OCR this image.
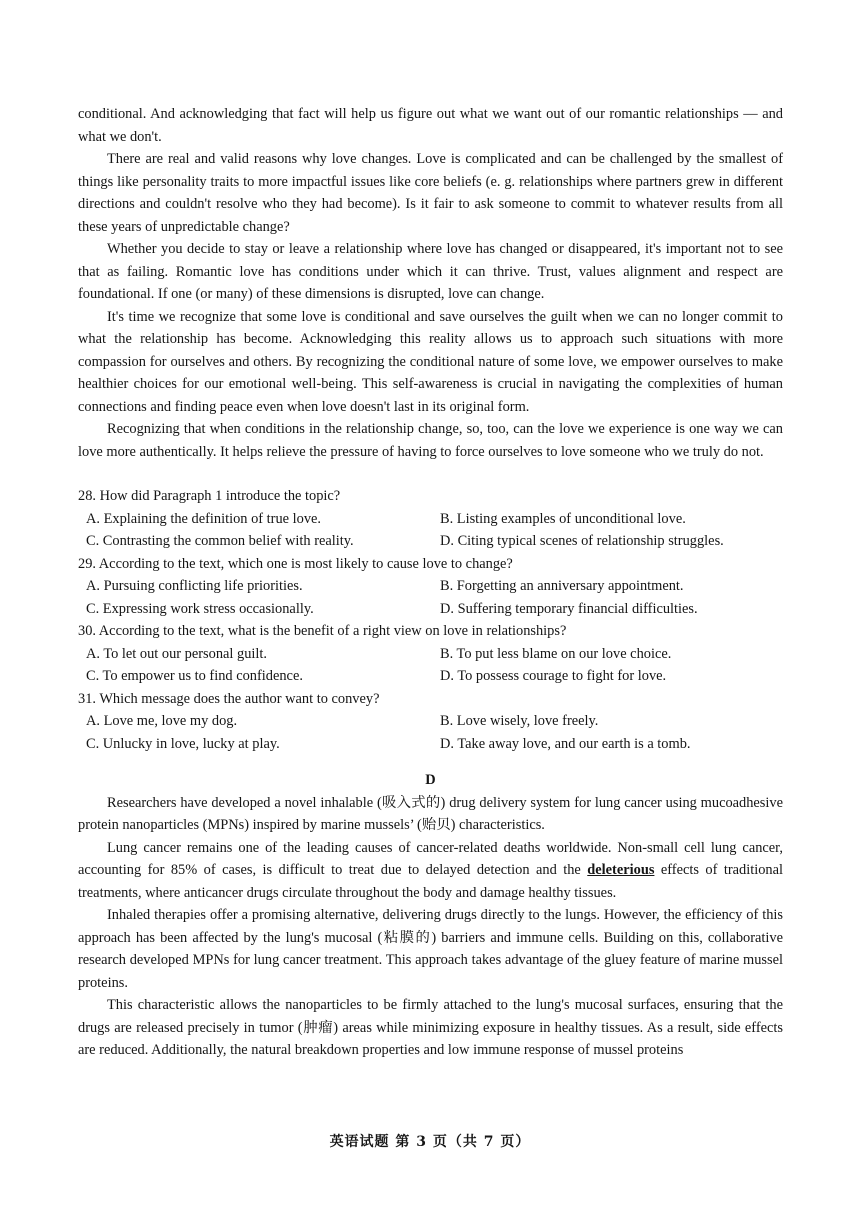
conditional. And acknowledging that fact will help us figure out what we want out of our romantic relationships — and what we don't.

There are real and valid reasons why love changes. Love is complicated and can be challenged by the smallest of things like personality traits to more impactful issues like core beliefs (e. g. relationships where partners grew in different directions and couldn't resolve who they had become). Is it fair to ask someone to commit to whatever results from all these years of unpredictable change?

Whether you decide to stay or leave a relationship where love has changed or disappeared, it's important not to see that as failing. Romantic love has conditions under which it can thrive. Trust, values alignment and respect are foundational. If one (or many) of these dimensions is disrupted, love can change.

It's time we recognize that some love is conditional and save ourselves the guilt when we can no longer commit to what the relationship has become. Acknowledging this reality allows us to approach such situations with more compassion for ourselves and others. By recognizing the conditional nature of some love, we empower ourselves to make healthier choices for our emotional well-being. This self-awareness is crucial in navigating the complexities of human connections and finding peace even when love doesn't last in its original form.

Recognizing that when conditions in the relationship change, so, too, can the love we experience is one way we can love more authentically. It helps relieve the pressure of having to force ourselves to love someone who we truly do not.

28. How did Paragraph 1 introduce the topic?

A. Explaining the definition of true love.	B. Listing examples of unconditional love.
C. Contrasting the common belief with reality.	D. Citing typical scenes of relationship struggles.

29. According to the text, which one is most likely to cause love to change?

A. Pursuing conflicting life priorities.	B. Forgetting an anniversary appointment.
C. Expressing work stress occasionally.	D. Suffering temporary financial difficulties.

30. According to the text, what is the benefit of a right view on love in relationships?

A. To let out our personal guilt.	B. To put less blame on our love choice.
C. To empower us to find confidence.	D. To possess courage to fight for love.

31. Which message does the author want to convey?

A. Love me, love my dog.	B. Love wisely, love freely.
C. Unlucky in love, lucky at play.	D. Take away love, and our earth is a tomb.

D

Researchers have developed a novel inhalable (吸入式的) drug delivery system for lung cancer using mucoadhesive protein nanoparticles (MPNs) inspired by marine mussels’ (贻贝) characteristics.

Lung cancer remains one of the leading causes of cancer-related deaths worldwide. Non-small cell lung cancer, accounting for 85% of cases, is difficult to treat due to delayed detection and the deleterious effects of traditional treatments, where anticancer drugs circulate throughout the body and damage healthy tissues.

Inhaled therapies offer a promising alternative, delivering drugs directly to the lungs. However, the efficiency of this approach has been affected by the lung's mucosal (粘膜的) barriers and immune cells. Building on this, collaborative research developed MPNs for lung cancer treatment. This approach takes advantage of the gluey feature of marine mussel proteins.

This characteristic allows the nanoparticles to be firmly attached to the lung's mucosal surfaces, ensuring that the drugs are released precisely in tumor (肿瘤) areas while minimizing exposure in healthy tissues. As a result, side effects are reduced. Additionally, the natural breakdown properties and low immune response of mussel proteins

英语试题 第 3 页（共 7 页）
